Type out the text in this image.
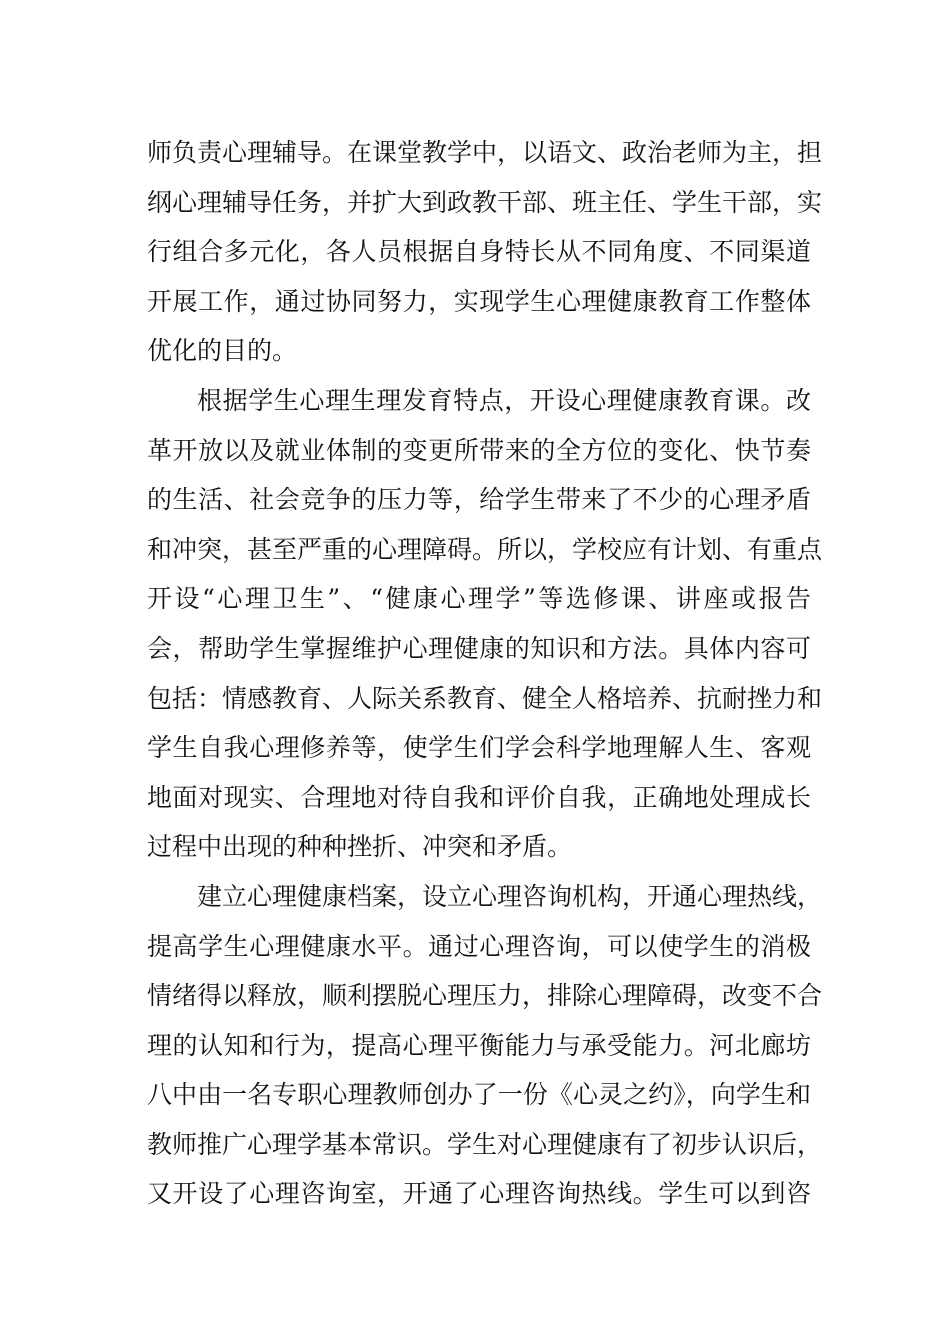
师负责心理辅导。在课堂教学中，以语文、政治老师为主，担
纲心理辅导任务，并扩大到政教干部、班主任、学生干部，实
行组合多元化，各人员根据自身特长从不同角度、不同渠道
开展工作，通过协同努力，实现学生心理健康教育工作整体
优化的目的。
根据学生心理生理发育特点，开设心理健康教育课。改
革开放以及就业体制的变更所带来的全方位的变化、快节奏
的生活、社会竞争的压力等，给学生带来了不少的心理矛盾
和冲突，甚至严重的心理障碍。所以，学校应有计划、有重点
开设“心理卫生”、“健康心理学”等选修课、讲座或报告
会，帮助学生掌握维护心理健康的知识和方法。具体内容可
包括：情感教育、人际关系教育、健全人格培养、抗耐挫力和
学生自我心理修养等，使学生们学会科学地理解人生、客观
地面对现实、合理地对待自我和评价自我，正确地处理成长
过程中出现的种种挫折、冲突和矛盾。
建立心理健康档案，设立心理咨询机构，开通心理热线，
提高学生心理健康水平。通过心理咨询，可以使学生的消极
情绪得以释放，顺利摆脱心理压力，排除心理障碍，改变不合
理的认知和行为，提高心理平衡能力与承受能力。河北廊坊
八中由一名专职心理教师创办了一份《心灵之约》，向学生和
教师推广心理学基本常识。学生对心理健康有了初步认识后，
又开设了心理咨询室，开通了心理咨询热线。学生可以到咨
